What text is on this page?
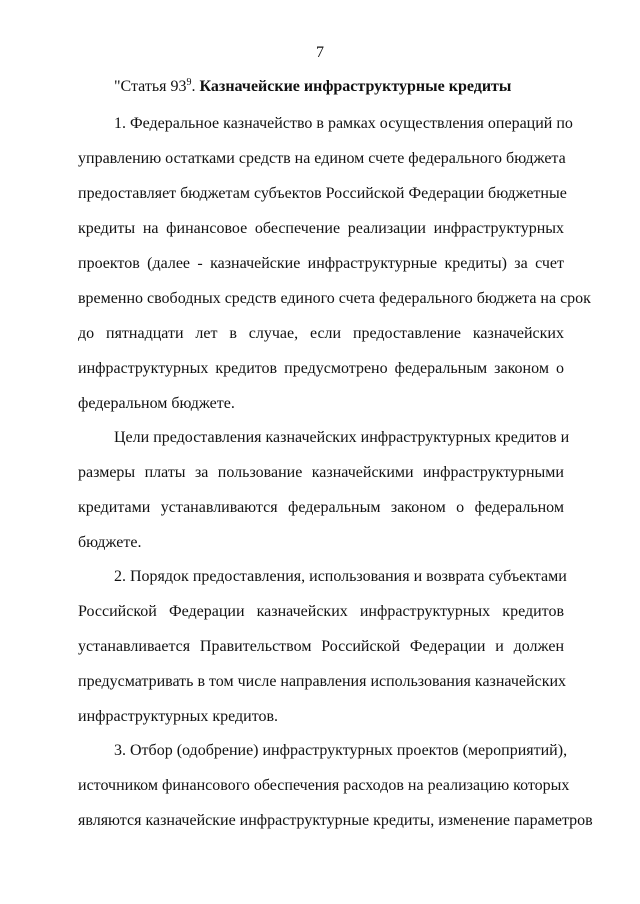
7
"Статья $93^9$. Казначейские инфраструктурные кредиты
1. Федеральное казначейство в рамках осуществления операций по
управлению остатками средств на едином счете федерального бюджета
предоставляет бюджетам субъектов Российской Федерации бюджетные
кредиты на финансовое обеспечение реализации инфраструктурных
проектов (далее - казначейские инфраструктурные кредиты) за счет
временно свободных средств единого счета федерального бюджета на срок
до пятнадцати лет в случае, если предоставление казначейских
инфраструктурных кредитов предусмотрено федеральным законом о
федеральном бюджете.
Цели предоставления казначейских инфраструктурных кредитов и
размеры платы за пользование казначейскими инфраструктурными
кредитами устанавливаются федеральным законом о федеральном
бюджете.
2. Порядок предоставления, использования и возврата субъектами
Российской Федерации казначейских инфраструктурных кредитов
устанавливается Правительством Российской Федерации и должен
предусматривать в том числе направления использования казначейских
инфраструктурных кредитов.
3. Отбор (одобрение) инфраструктурных проектов (мероприятий),
источником финансового обеспечения расходов на реализацию которых
являются казначейские инфраструктурные кредиты, изменение параметров
